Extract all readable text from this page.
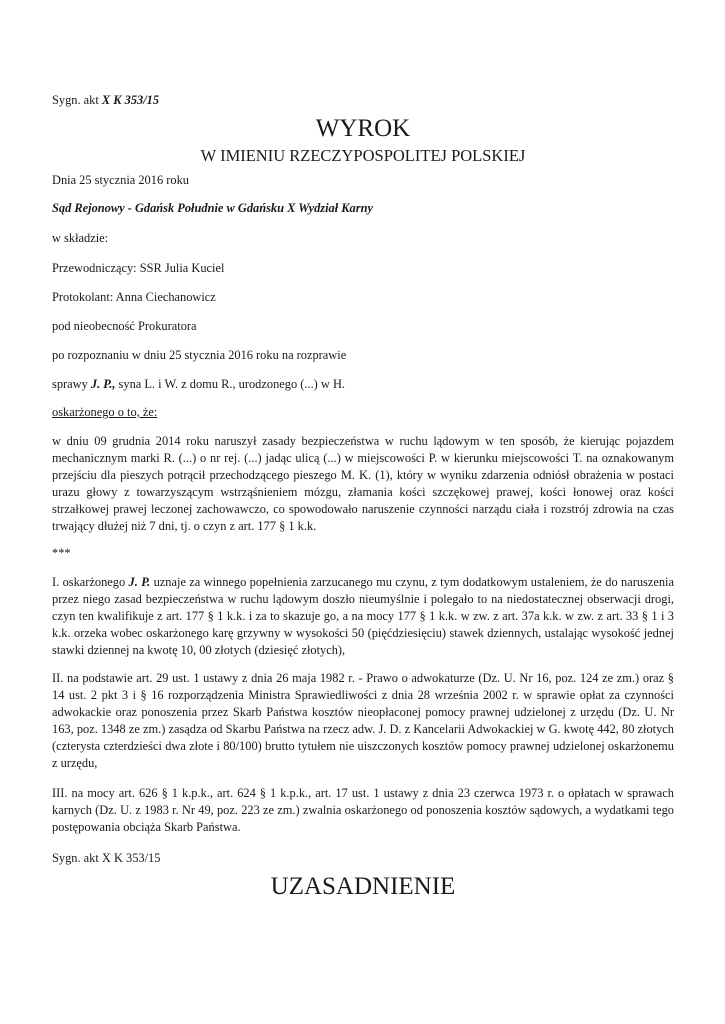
Sygn. akt X K 353/15

WYROK

W IMIENIU RZECZYPOSPOLITEJ POLSKIEJ

Dnia 25 stycznia 2016 roku

Sąd Rejonowy - Gdańsk Południe w Gdańsku X Wydział Karny

w składzie:

Przewodniczący: SSR Julia Kuciel

Protokolant: Anna Ciechanowicz

pod nieobecność Prokuratora

po rozpoznaniu w dniu 25 stycznia 2016 roku na rozprawie

sprawy J. P., syna L. i W. z domu R., urodzonego (...) w H.

oskarżonego o to, że:

w dniu 09 grudnia 2014 roku naruszył zasady bezpieczeństwa w ruchu lądowym w ten sposób, że kierując pojazdem mechanicznym marki R. (...) o nr rej. (...) jadąc ulicą (...) w miejscowości P. w kierunku miejscowości T. na oznakowanym przejściu dla pieszych potrącił przechodzącego pieszego M. K. (1), który w wyniku zdarzenia odniósł obrażenia w postaci urazu głowy z towarzyszącym wstrząśnieniem mózgu, złamania kości szczękowej prawej, kości łonowej oraz kości strzałkowej prawej leczonej zachowawczo, co spowodowało naruszenie czynności narządu ciała i rozstrój zdrowia na czas trwający dłużej niż 7 dni, tj. o czyn z art. 177 § 1 k.k.

***

I. oskarżonego J. P. uznaje za winnego popełnienia zarzucanego mu czynu, z tym dodatkowym ustaleniem, że do naruszenia przez niego zasad bezpieczeństwa w ruchu lądowym doszło nieumyślnie i polegało to na niedostatecznej obserwacji drogi, czyn ten kwalifikuje z art. 177 § 1 k.k. i za to skazuje go, a na mocy 177 § 1 k.k. w zw. z art. 37a k.k. w zw. z art. 33 § 1 i 3 k.k. orzeka wobec oskarżonego karę grzywny w wysokości 50 (pięćdziesięciu) stawek dziennych, ustalając wysokość jednej stawki dziennej na kwotę 10, 00 złotych (dziesięć złotych),

II. na podstawie art. 29 ust. 1 ustawy z dnia 26 maja 1982 r. - Prawo o adwokaturze (Dz. U. Nr 16, poz. 124 ze zm.) oraz § 14 ust. 2 pkt 3 i § 16 rozporządzenia Ministra Sprawiedliwości z dnia 28 września 2002 r. w sprawie opłat za czynności adwokackie oraz ponoszenia przez Skarb Państwa kosztów nieopłaconej pomocy prawnej udzielonej z urzędu (Dz. U. Nr 163, poz. 1348 ze zm.) zasądza od Skarbu Państwa na rzecz adw. J. D. z Kancelarii Adwokackiej w G. kwotę 442, 80 złotych (czterysta czterdzieści dwa złote i 80/100) brutto tytułem nie uiszczonych kosztów pomocy prawnej udzielonej oskarżonemu z urzędu,

III. na mocy art. 626 § 1 k.p.k., art. 624 § 1 k.p.k., art. 17 ust. 1 ustawy z dnia 23 czerwca 1973 r. o opłatach w sprawach karnych (Dz. U. z 1983 r. Nr 49, poz. 223 ze zm.) zwalnia oskarżonego od ponoszenia kosztów sądowych, a wydatkami tego postępowania obciąża Skarb Państwa.

Sygn. akt X K 353/15

UZASADNIENIE
